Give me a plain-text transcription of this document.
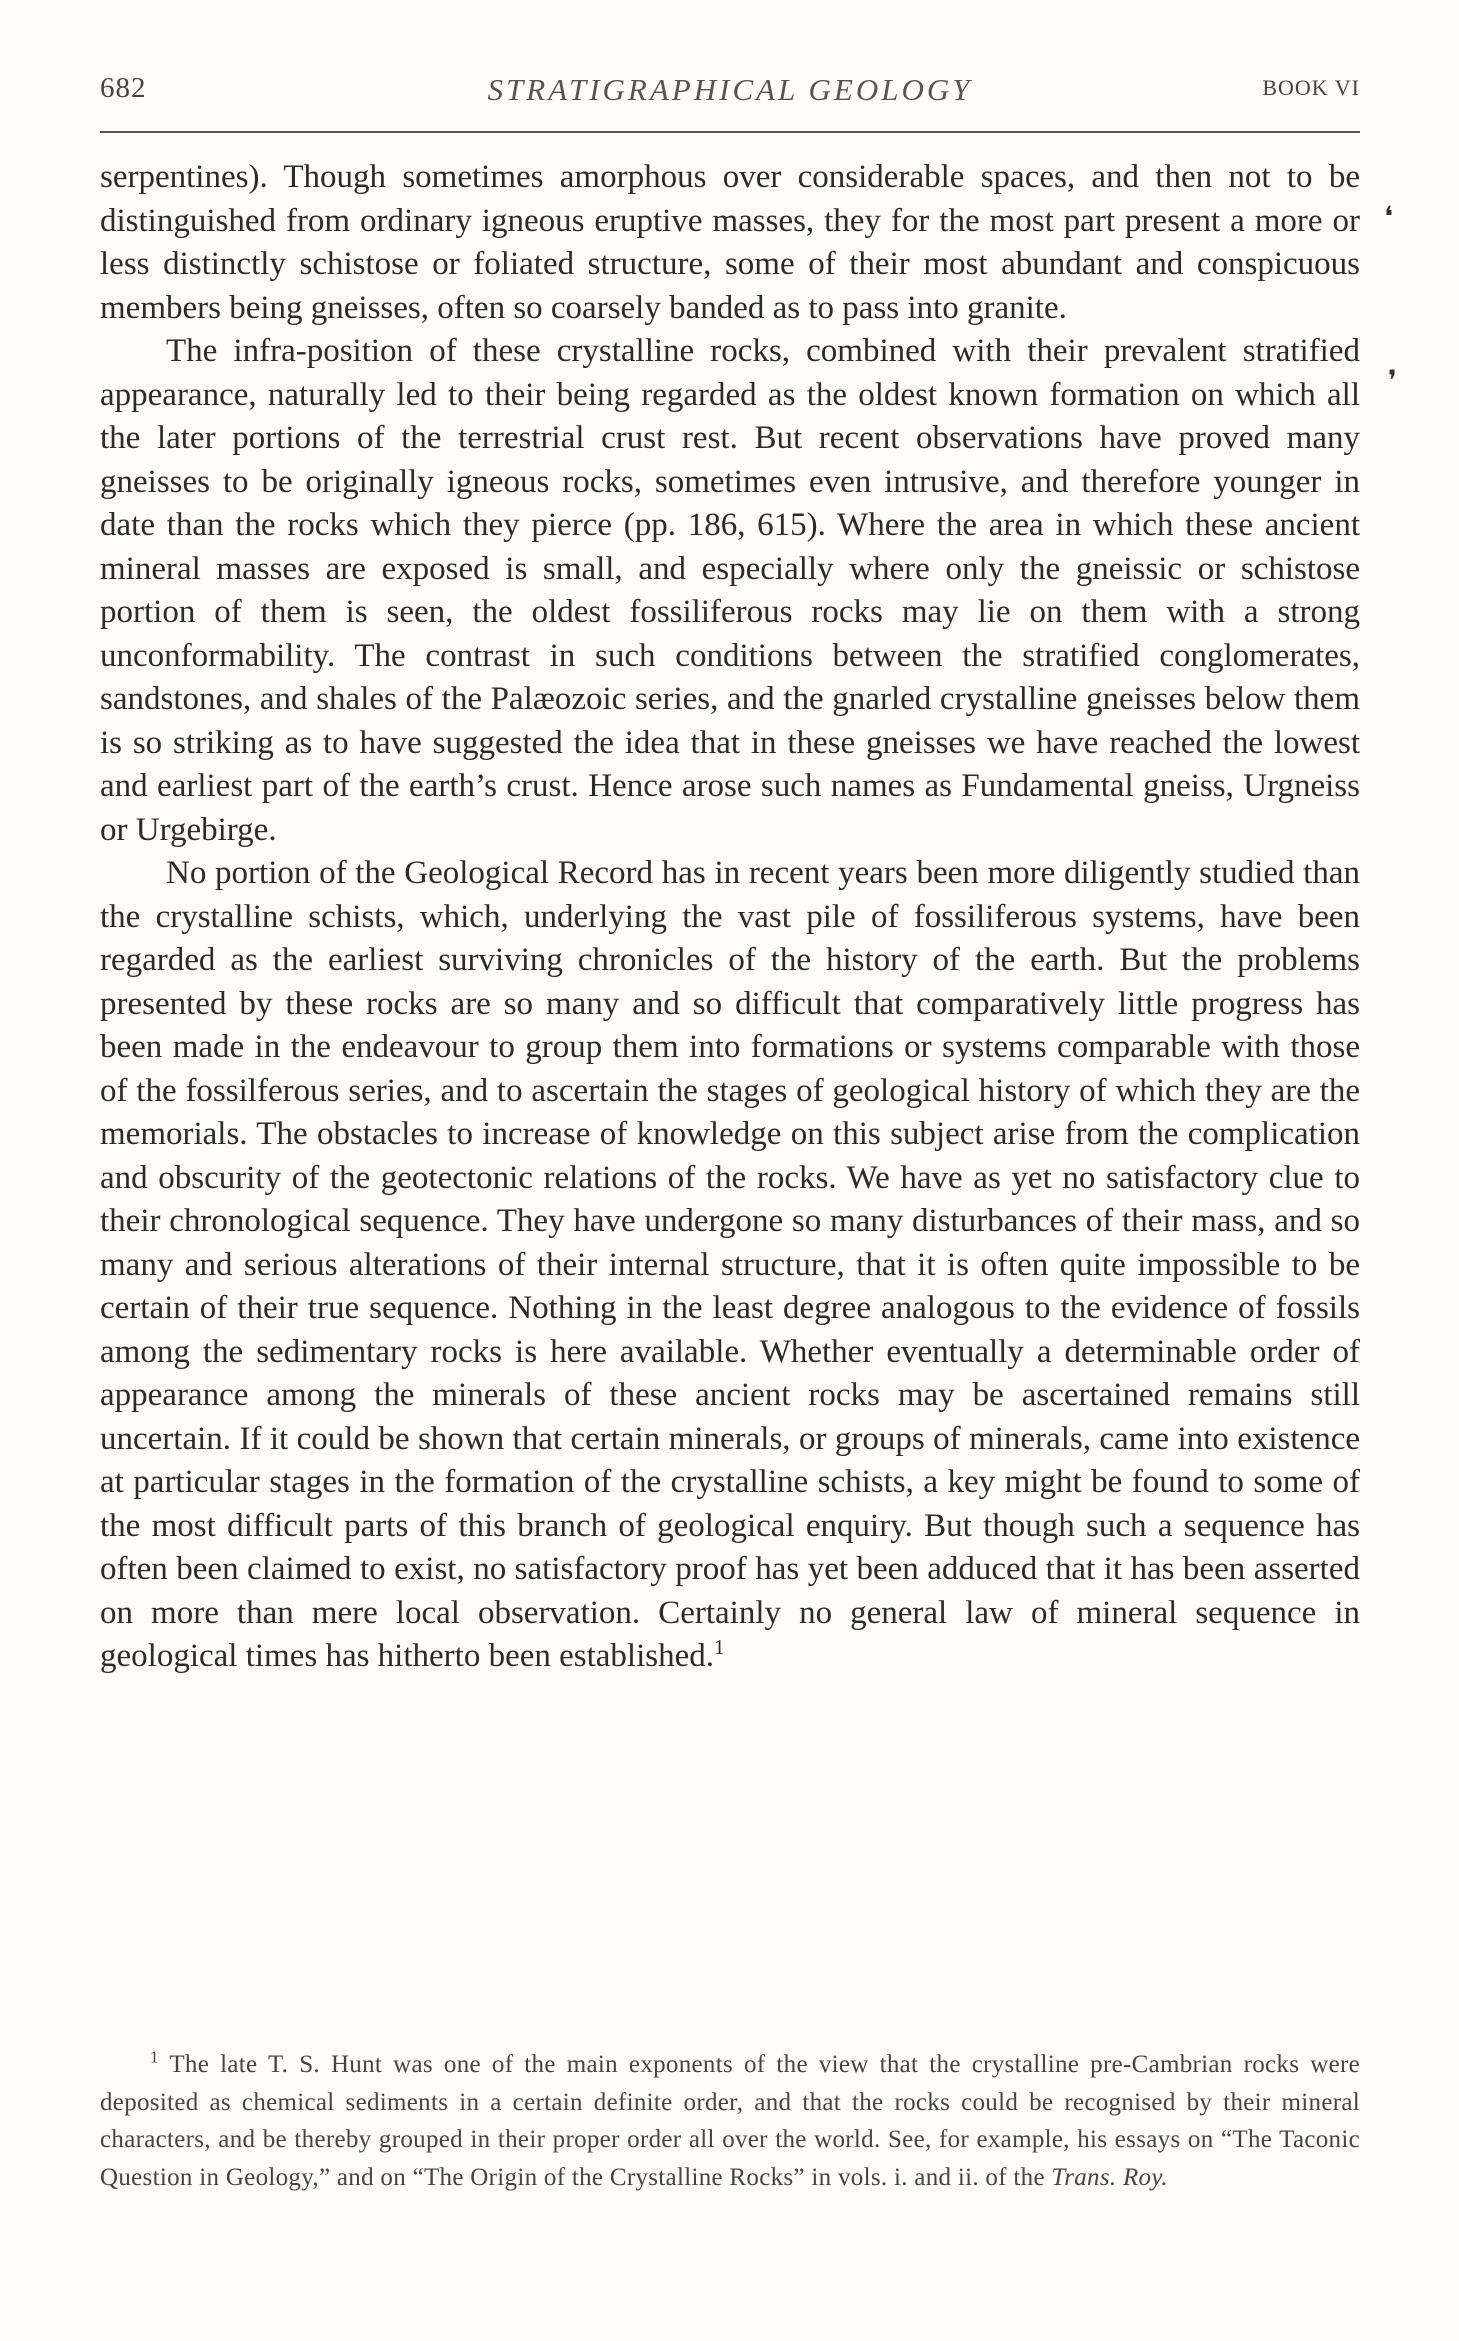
682	STRATIGRAPHICAL GEOLOGY	BOOK VI

serpentines). Though sometimes amorphous over considerable spaces, and then not to be distinguished from ordinary igneous eruptive masses, they for the most part present a more or less distinctly schistose or foliated structure, some of their most abundant and conspicuous members being gneisses, often so coarsely banded as to pass into granite.

The infra-position of these crystalline rocks, combined with their prevalent stratified appearance, naturally led to their being regarded as the oldest known formation on which all the later portions of the terrestrial crust rest. But recent observations have proved many gneisses to be originally igneous rocks, sometimes even intrusive, and therefore younger in date than the rocks which they pierce (pp. 186, 615). Where the area in which these ancient mineral masses are exposed is small, and especially where only the gneissic or schistose portion of them is seen, the oldest fossiliferous rocks may lie on them with a strong unconformability. The contrast in such conditions between the stratified conglomerates, sandstones, and shales of the Palæozoic series, and the gnarled crystalline gneisses below them is so striking as to have suggested the idea that in these gneisses we have reached the lowest and earliest part of the earth’s crust. Hence arose such names as Fundamental gneiss, Urgneiss or Urgebirge.

No portion of the Geological Record has in recent years been more diligently studied than the crystalline schists, which, underlying the vast pile of fossiliferous systems, have been regarded as the earliest surviving chronicles of the history of the earth. But the problems presented by these rocks are so many and so difficult that comparatively little progress has been made in the endeavour to group them into formations or systems comparable with those of the fossilferous series, and to ascertain the stages of geological history of which they are the memorials. The obstacles to increase of knowledge on this subject arise from the complication and obscurity of the geotectonic relations of the rocks. We have as yet no satisfactory clue to their chronological sequence. They have undergone so many disturbances of their mass, and so many and serious alterations of their internal structure, that it is often quite impossible to be certain of their true sequence. Nothing in the least degree analogous to the evidence of fossils among the sedimentary rocks is here available. Whether eventually a determinable order of appearance among the minerals of these ancient rocks may be ascertained remains still uncertain. If it could be shown that certain minerals, or groups of minerals, came into existence at particular stages in the formation of the crystalline schists, a key might be found to some of the most difficult parts of this branch of geological enquiry. But though such a sequence has often been claimed to exist, no satisfactory proof has yet been adduced that it has been asserted on more than mere local observation. Certainly no general law of mineral sequence in geological times has hitherto been established.$^1$

$^1$ The late T. S. Hunt was one of the main exponents of the view that the crystalline pre-Cambrian rocks were deposited as chemical sediments in a certain definite order, and that the rocks could be recognised by their mineral characters, and be thereby grouped in their proper order all over the world. See, for example, his essays on “The Taconic Question in Geology,” and on “The Origin of the Crystalline Rocks” in vols. i. and ii. of the Trans. Roy.

❛
❜
